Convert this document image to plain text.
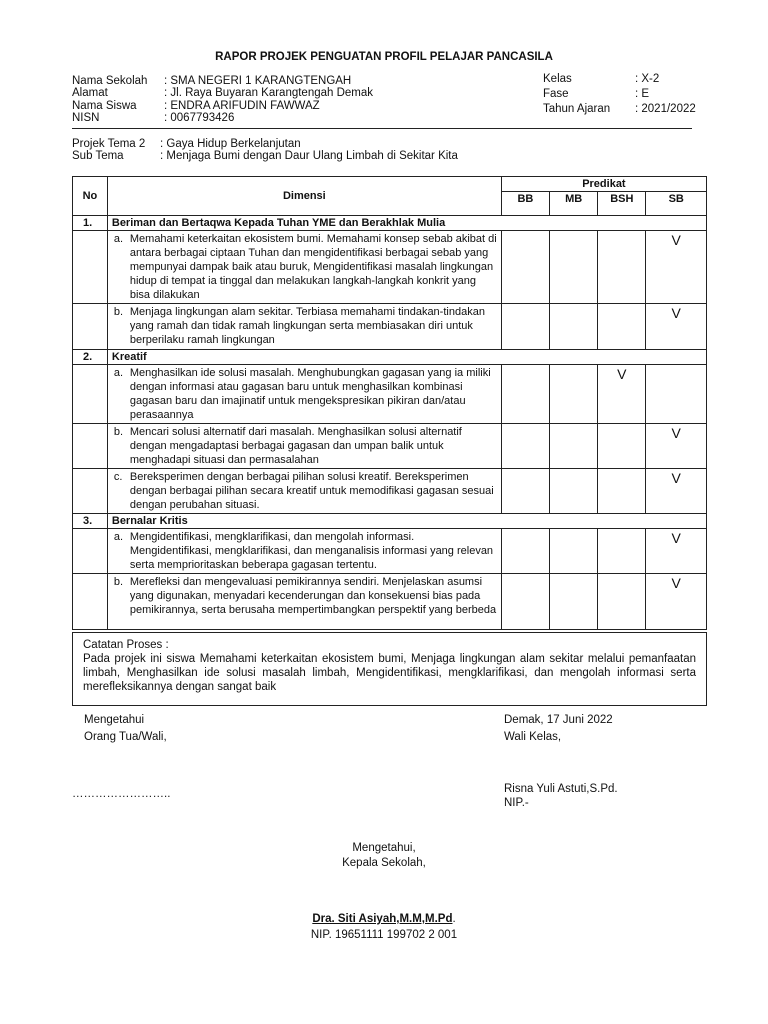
RAPOR PROJEK PENGUATAN PROFIL PELAJAR PANCASILA
Nama Sekolah : SMA NEGERI 1 KARANGTENGAH
Alamat	: Jl. Raya Buyaran Karangtengah Demak
Nama Siswa : ENDRA ARIFUDIN FAWWAZ
NISN	: 0067793426
Kelas	: X-2
Fase	: E
Tahun Ajaran : 2021/2022
Projek Tema 2 : Gaya Hidup Berkelanjutan
Sub Tema	: Menjaga Bumi dengan Daur Ulang Limbah di Sekitar Kita
No	Dimensi	Predikat			
		BB	MB	BSH	SB
1.	Beriman dan Bertaqwa Kepada Tuhan YME dan Berakhlak Mulia				

	a. Memahami keterkaitan ekosistem bumi. Memahami konsep sebab akibat di antara berbagai ciptaan Tuhan dan mengidentifikasi berbagai sebab yang mempunyai dampak baik atau buruk, Mengidentifikasi masalah lingkungan hidup di tempat ia tinggal dan melakukan langkah-langkah konkrit yang bisa dilakukan				V

	b. Menjaga lingkungan alam sekitar. Terbiasa memahami tindakan-tindakan yang ramah dan tidak ramah lingkungan serta membiasakan diri untuk berperilaku ramah lingkungan				V

2.	Kreatif				

	a. Menghasilkan ide solusi masalah. Menghubungkan gagasan yang ia miliki dengan informasi atau gagasan baru untuk menghasilkan kombinasi gagasan baru dan imajinatif untuk mengekspresikan pikiran dan/atau perasaannya			V	

	b. Mencari solusi alternatif dari masalah. Menghasilkan solusi alternatif dengan mengadaptasi berbagai gagasan dan umpan balik untuk menghadapi situasi dan permasalahan				V

	c. Bereksperimen dengan berbagai pilihan solusi kreatif. Bereksperimen dengan berbagai pilihan secara kreatif untuk memodifikasi gagasan sesuai dengan perubahan situasi.				V

3.	Bernalar Kritis				

	a. Mengidentifikasi, mengklarifikasi, dan mengolah informasi. Mengidentifikasi, mengklarifikasi, dan menganalisis informasi yang relevan serta memprioritaskan beberapa gagasan tertentu.				V

	b. Merefleksi dan mengevaluasi pemikirannya sendiri. Menjelaskan asumsi yang digunakan, menyadari kecenderungan dan konsekuensi bias pada pemikirannya, serta berusaha mempertimbangkan perspektif yang berbeda				V
Catatan Proses :
Pada projek ini siswa Memahami keterkaitan ekosistem bumi, Menjaga lingkungan alam sekitar melalui pemanfaatan limbah, Menghasilkan ide solusi masalah limbah, Mengidentifikasi, mengklarifikasi, dan mengolah informasi serta merefleksikannya dengan sangat baik
Mengetahui
Orang Tua/Wali,
……………………..
Demak, 17 Juni 2022
Wali Kelas,
Risna Yuli Astuti,S.Pd.
NIP.-
Mengetahui,
Kepala Sekolah,
Dra. Siti Asiyah,M.M,M.Pd.
NIP. 19651111 199702 2 001
